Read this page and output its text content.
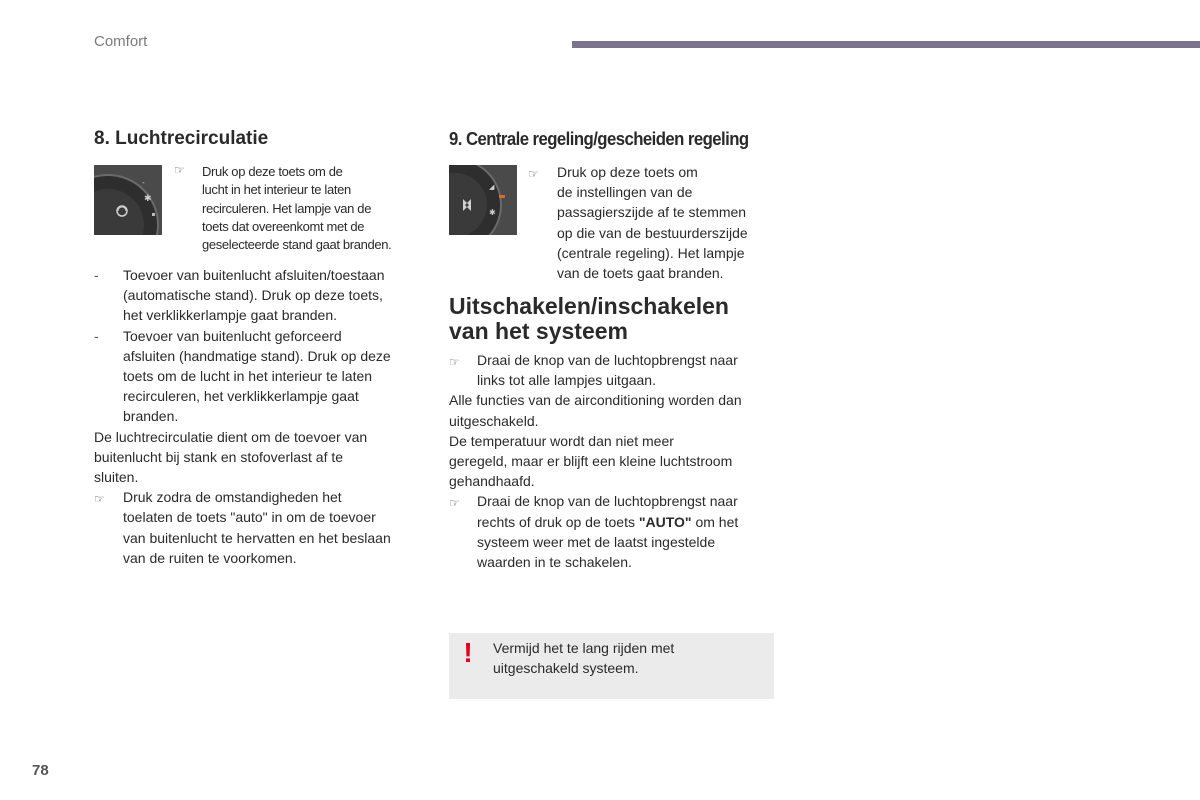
Comfort
8. Luchtrecirculatie
✱
-
☞ Druk op deze toets om de
lucht in het interieur te laten
recirculeren. Het lampje van de
toets dat overeenkomt met de
geselecteerde stand gaat branden.
- Toevoer van buitenlucht afsluiten/toestaan
(automatische stand). Druk op deze toets,
het verklikkerlampje gaat branden.
- Toevoer van buitenlucht geforceerd
afsluiten (handmatige stand). Druk op deze
toets om de lucht in het interieur te laten
recirculeren, het verklikkerlampje gaat
branden.
De luchtrecirculatie dient om de toevoer van
buitenlucht bij stank en stofoverlast af te
sluiten.
☞ Druk zodra de omstandigheden het
toelaten de toets "auto" in om de toevoer
van buitenlucht te hervatten en het beslaan
van de ruiten te voorkomen.
9. Centrale regeling/gescheiden regeling
◢
✱
☞ Druk op deze toets om
de instellingen van de
passagierszijde af te stemmen
op die van de bestuurderszijde
(centrale regeling). Het lampje
van de toets gaat branden.
Uitschakelen/inschakelen
van het systeem
☞ Draai de knop van de luchtopbrengst naar
links tot alle lampjes uitgaan.
Alle functies van de airconditioning worden dan
uitgeschakeld.
De temperatuur wordt dan niet meer
geregeld, maar er blijft een kleine luchtstroom
gehandhaafd.
☞ Draai de knop van de luchtopbrengst naar
rechts of druk op de toets "AUTO" om het
systeem weer met de laatst ingestelde
waarden in te schakelen.
!	Vermijd het te lang rijden met
uitgeschakeld systeem.
78
